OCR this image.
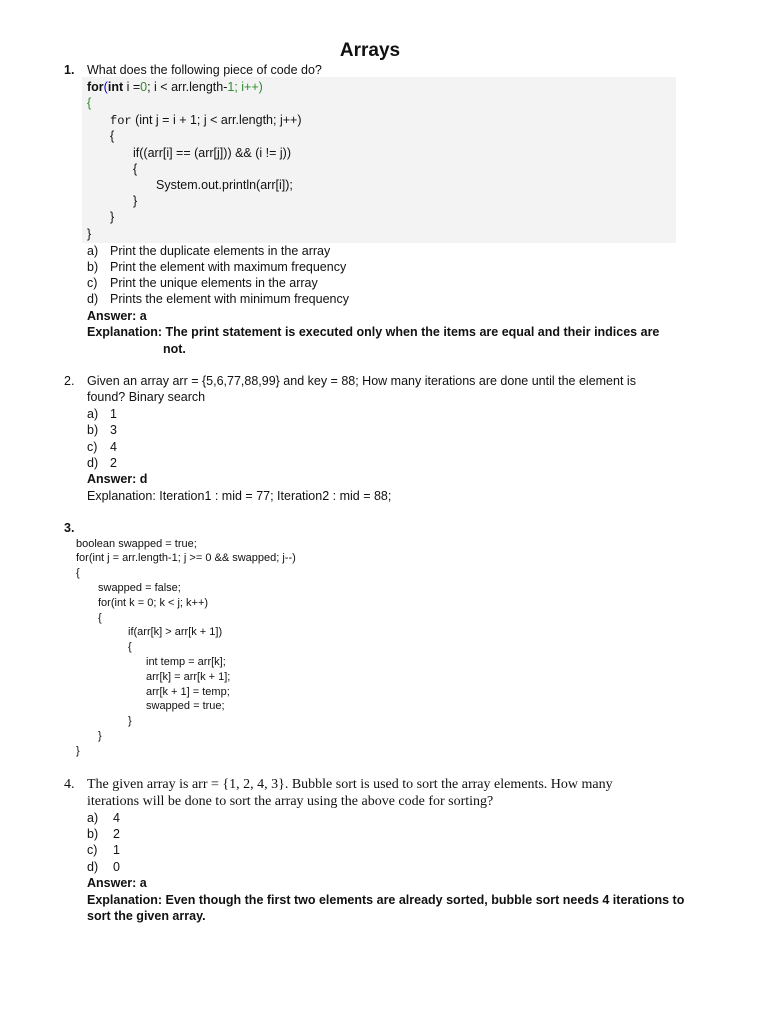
Arrays
1. What does the following piece of code do?
for(int i =0; i < arr.length-1; i++)
{
for (int j = i + 1; j < arr.length; j++)
{
if((arr[i] == (arr[j])) && (i != j))
{
System.out.println(arr[i]);
}
}
}
a) Print the duplicate elements in the array
b) Print the element with maximum frequency
c) Print the unique elements in the array
d) Prints the element with minimum frequency
Answer: a
Explanation: The print statement is executed only when the items are equal and their indices are
not.
2. Given an array arr = {5,6,77,88,99} and key = 88; How many iterations are done until the element is
found? Binary search
a) 1
b) 3
c) 4
d) 2
Answer: d
Explanation: Iteration1 : mid = 77; Iteration2 : mid = 88;
3.
boolean swapped = true;
for(int j = arr.length-1; j >= 0 && swapped; j--)
{
swapped = false;
for(int k = 0; k < j; k++)
{
if(arr[k] > arr[k + 1])
{
int temp = arr[k];
arr[k] = arr[k + 1];
arr[k + 1] = temp;
swapped = true;
}
}
}
4. The given array is arr = {1, 2, 4, 3}. Bubble sort is used to sort the array elements. How many
iterations will be done to sort the array using the above code for sorting?
a) 4
b) 2
c) 1
d) 0
Answer: a
Explanation: Even though the first two elements are already sorted, bubble sort needs 4 iterations to
sort the given array.
